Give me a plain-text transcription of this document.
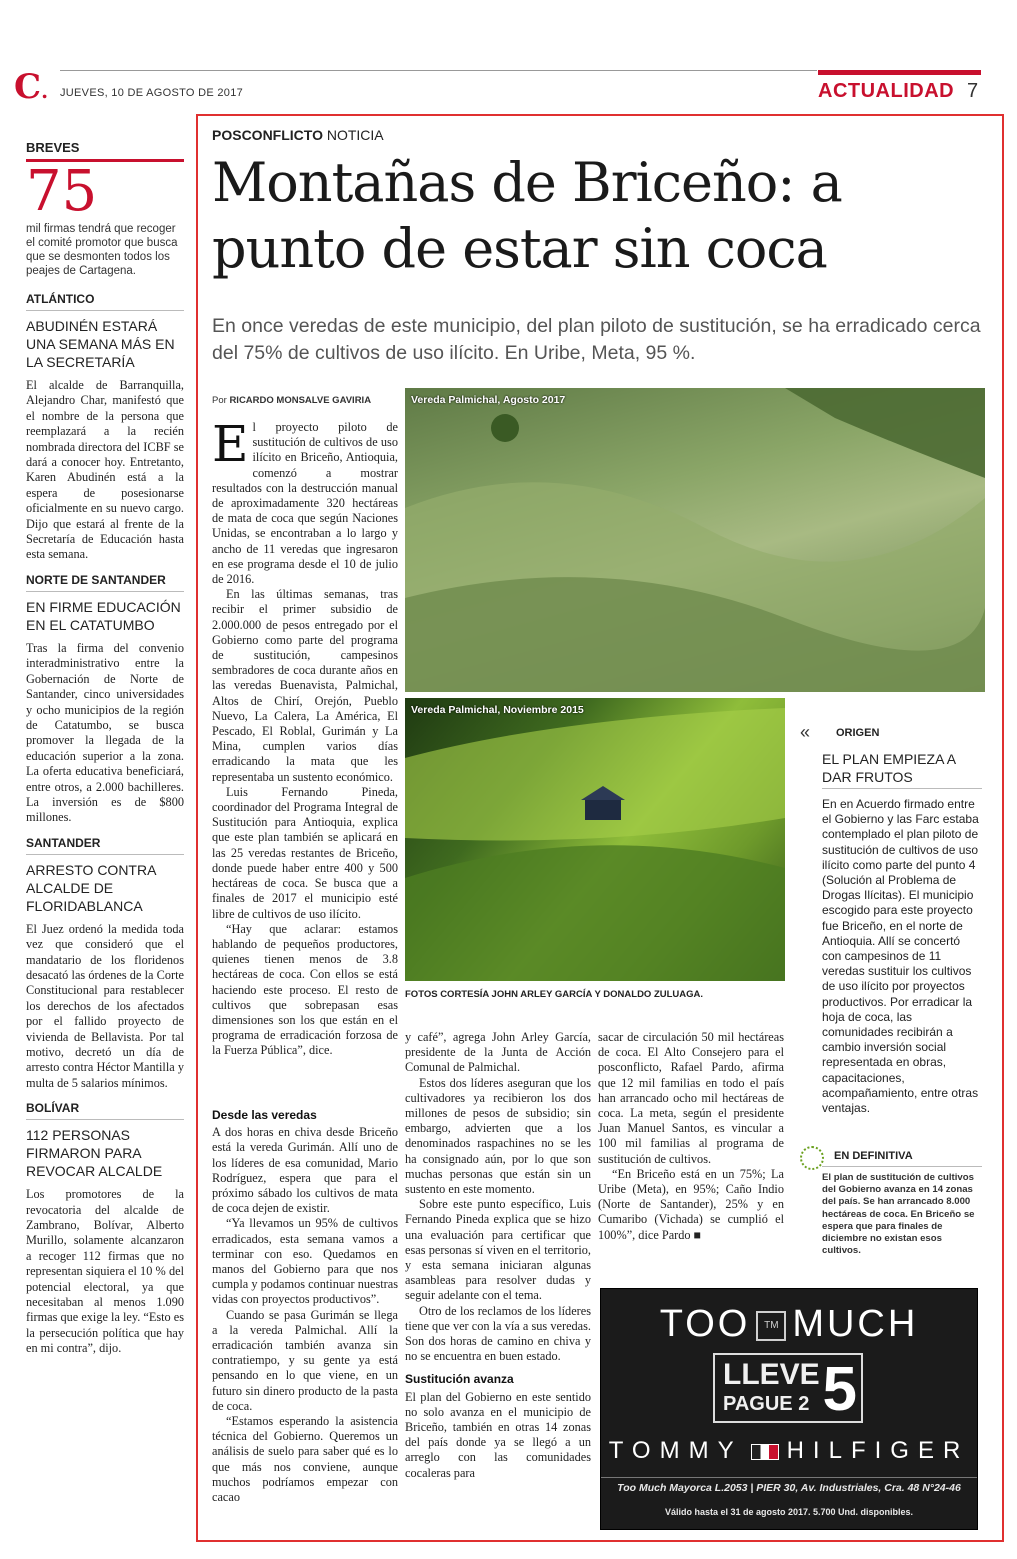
C. JUEVES, 10 DE AGOSTO DE 2017	ACTUALIDAD 7
BREVES
75
mil firmas tendrá que recoger el comité promotor que busca que se desmonten todos los peajes de Cartagena.
ATLÁNTICO
ABUDINÉN ESTARÁ UNA SEMANA MÁS EN LA SECRETARÍA
El alcalde de Barranquilla, Alejandro Char, manifestó que el nombre de la persona que reemplazará a la recién nombrada directora del ICBF se dará a conocer hoy. Entretanto, Karen Abudinén está a la espera de posesionarse oficialmente en su nuevo cargo. Dijo que estará al frente de la Secretaría de Educación hasta esta semana.
NORTE DE SANTANDER
EN FIRME EDUCACIÓN EN EL CATATUMBO
Tras la firma del convenio interadministrativo entre la Gobernación de Norte de Santander, cinco universidades y ocho municipios de la región de Catatumbo, se busca promover la llegada de la educación superior a la zona. La oferta educativa beneficiará, entre otros, a 2.000 bachilleres. La inversión es de $800 millones.
SANTANDER
ARRESTO CONTRA ALCALDE DE FLORIDABLANCA
El Juez ordenó la medida toda vez que consideró que el mandatario de los floridenos desacató las órdenes de la Corte Constitucional para restablecer los derechos de los afectados por el fallido proyecto de vivienda de Bellavista. Por tal motivo, decretó un día de arresto contra Héctor Mantilla y multa de 5 salarios mínimos.
BOLÍVAR
112 PERSONAS FIRMARON PARA REVOCAR ALCALDE
Los promotores de la revocatoria del alcalde de Zambrano, Bolívar, Alberto Murillo, solamente alcanzaron a recoger 112 firmas que no representan siquiera el 10 % del potencial electoral, ya que necesitaban al menos 1.090 firmas que exige la ley. “Esto es la persecución política que hay en mi contra”, dijo.
POSCONFLICTO NOTICIA
Montañas de Briceño: a punto de estar sin coca
En once veredas de este municipio, del plan piloto de sustitución, se ha erradicado cerca del 75% de cultivos de uso ilícito. En Uribe, Meta, 95 %.
Por RICARDO MONSALVE GAVIRIA

El proyecto piloto de sustitución de cultivos de uso ilícito en Briceño, Antioquia, comenzó a mostrar resultados con la destrucción manual de aproximadamente 320 hectáreas de mata de coca que según Naciones Unidas, se encontraban a lo largo y ancho de 11 veredas que ingresaron en ese programa desde el 10 de julio de 2016.

En las últimas semanas, tras recibir el primer subsidio de 2.000.000 de pesos entregado por el Gobierno como parte del programa de sustitución, campesinos sembradores de coca durante años en las veredas Buenavista, Palmichal, Altos de Chirí, Orejón, Pueblo Nuevo, La Calera, La América, El Pescado, El Roblal, Gurimán y La Mina, cumplen varios días erradicando la mata que les representaba un sustento económico.

Luis Fernando Pineda, coordinador del Programa Integral de Sustitución para Antioquia, explica que este plan también se aplicará en las 25 veredas restantes de Briceño, donde puede haber entre 400 y 500 hectáreas de coca. Se busca que a finales de 2017 el municipio esté libre de cultivos de uso ilícito.

“Hay que aclarar: estamos hablando de pequeños productores, quienes tienen menos de 3.8 hectáreas de coca. Con ellos se está haciendo este proceso. El resto de cultivos que sobrepasan esas dimensiones son los que están en el programa de erradicación forzosa de la Fuerza Pública”, dice.

Desde las veredas

A dos horas en chiva desde Briceño está la vereda Gurimán. Allí uno de los líderes de esa comunidad, Mario Rodríguez, espera que para el próximo sábado los cultivos de mata de coca dejen de existir.

“Ya llevamos un 95% de cultivos erradicados, esta semana vamos a terminar con eso. Quedamos en manos del Gobierno para que nos cumpla y podamos continuar nuestras vidas con proyectos productivos”.

Cuando se pasa Gurimán se llega a la vereda Palmichal. Allí la erradicación también avanza sin contratiempo, y su gente ya está pensando en lo que viene, en un futuro sin dinero producto de la pasta de coca.

“Estamos esperando la asistencia técnica del Gobierno. Queremos un análisis de suelo para saber qué es lo que más nos conviene, aunque muchos podríamos empezar con cacao

y café”, agrega John Arley García, presidente de la Junta de Acción Comunal de Palmichal.

Estos dos líderes aseguran que los cultivadores ya recibieron los dos millones de pesos de subsidio; sin embargo, advierten que a los denominados raspachines no se les ha consignado aún, por lo que son muchas personas que están sin un sustento en este momento.

Sobre este punto específico, Luis Fernando Pineda explica que se hizo una evaluación para certificar que esas personas sí viven en el territorio, y esta semana iniciaran algunas asambleas para resolver dudas y seguir adelante con el tema.

Otro de los reclamos de los líderes tiene que ver con la vía a sus veredas. Son dos horas de camino en chiva y no se encuentra en buen estado.

Sustitución avanza

El plan del Gobierno en este sentido no solo avanza en el municipio de Briceño, también en otras 14 zonas del país donde ya se llegó a un arreglo con las comunidades cocaleras para

sacar de circulación 50 mil hectáreas de coca. El Alto Consejero para el posconflicto, Rafael Pardo, afirma que 12 mil familias en todo el país han arrancado ocho mil hectáreas de coca. La meta, según el presidente Juan Manuel Santos, es vincular a 100 mil familias al programa de sustitución de cultivos.

“En Briceño está en un 75%; La Uribe (Meta), en 95%; Caño Indio (Norte de Santander), 25% y en Cumaribo (Vichada) se cumplió el 100%”, dice Pardo ■

Vereda Palmichal, Agosto 2017
Vereda Palmichal, Noviembre 2015
FOTOS CORTESÍA JOHN ARLEY GARCÍA Y DONALDO ZULUAGA.
« ORIGEN
EL PLAN EMPIEZA A DAR FRUTOS
En en Acuerdo firmado entre el Gobierno y las Farc estaba contemplado el plan piloto de sustitución de cultivos de uso ilícito como parte del punto 4 (Solución al Problema de Drogas Ilícitas). El municipio escogido para este proyecto fue Briceño, en el norte de Antioquia. Allí se concertó con campesinos de 11 veredas sustituir los cultivos de uso ilícito por proyectos productivos. Por erradicar la hoja de coca, las comunidades recibirán a cambio inversión social representada en obras, capacitaciones, acompañamiento, entre otras ventajas.
EN DEFINITIVA
El plan de sustitución de cultivos del Gobierno avanza en 14 zonas del país. Se han arrancado 8.000 hectáreas de coca. En Briceño se espera que para finales de diciembre no existan esos cultivos.
TOO TM MUCH
LLEVE
PAGUE 2 5
TOMMY HILFIGER
Too Much Mayorca L.2053 | PIER 30, Av. Industriales, Cra. 48 N°24-46
Válido hasta el 31 de agosto 2017. 5.700 Und. disponibles.
